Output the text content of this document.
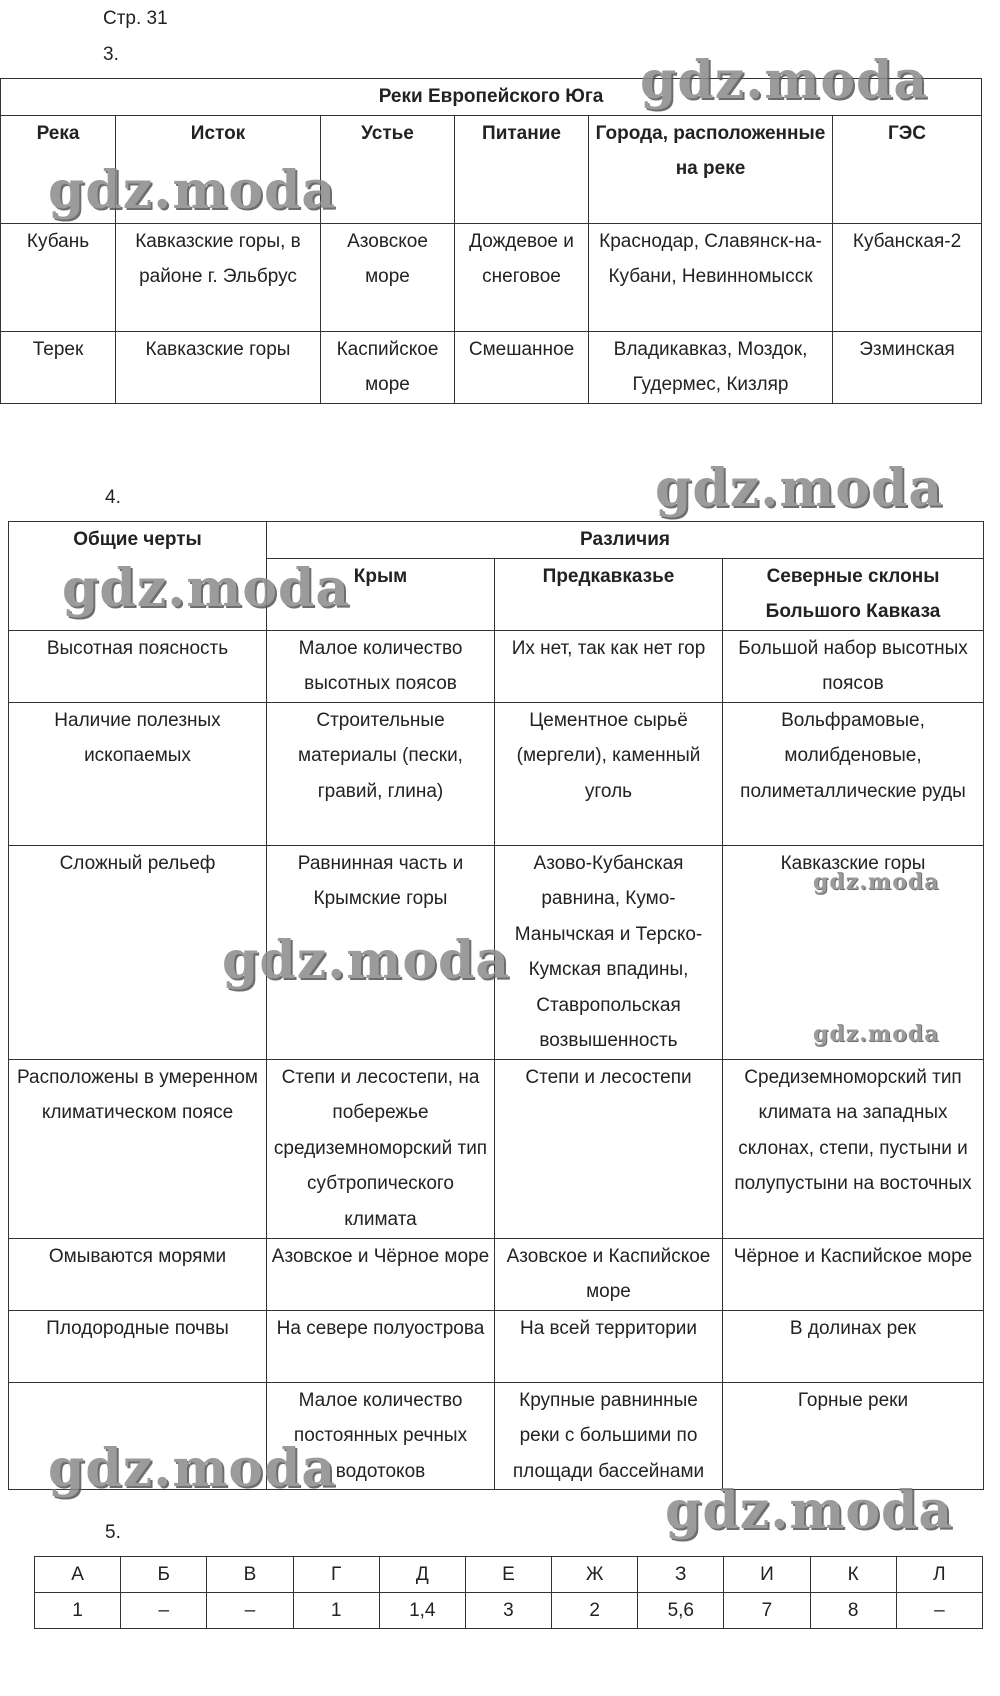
Стр. 31
3.
Реки Европейского Юга					
Река	Исток	Устье	Питание	Города, расположенные на реке	ГЭС
Кубань	Кавказские горы, в районе г. Эльбрус	Азовское море	Дождевое и снеговое	Краснодар, Славянск-на-Кубани, Невинномысск	Кубанская-2
Терек	Кавказские горы	Каспийское море	Смешанное	Владикавказ, Моздок, Гудермес, Кизляр	Эзминская
4.
Общие черты	Различия		
	Крым	Предкавказье	Северные склоны Большого Кавказа
Высотная поясность	Малое количество высотных поясов	Их нет, так как нет гор	Большой набор высотных поясов
Наличие полезных ископаемых	Строительные материалы (пески, гравий, глина)	Цементное сырьё (мергели), каменный уголь	Вольфрамовые, молибденовые, полиметаллические руды
Сложный рельеф	Равнинная часть и Крымские горы	Азово-Кубанская равнина, Кумо-Манычская и Терско-Кумская впадины, Ставропольская возвышенность	Кавказские горы
Расположены в умеренном климатическом поясе	Степи и лесостепи, на побережье средиземноморский тип субтропического климата	Степи и лесостепи	Средиземноморский тип климата на западных склонах, степи, пустыни и полупустыни на восточных
Омываются морями	Азовское и Чёрное море	Азовское и Каспийское море	Чёрное и Каспийское море
Плодородные почвы	На севере полуострова	На всей территории	В долинах рек
	Малое количество постоянных речных водотоков	Крупные равнинные реки с большими по площади бассейнами	Горные реки
5.
А	Б	В	Г	Д	Е	Ж	З	И	К	Л
1	–	–	1	1,4	3	2	5,6	7	8	–
gdz.moda
gdz.moda
gdz.moda
gdz.moda
gdz.moda
gdz.moda
gdz.moda
gdz.moda
gdz.moda
